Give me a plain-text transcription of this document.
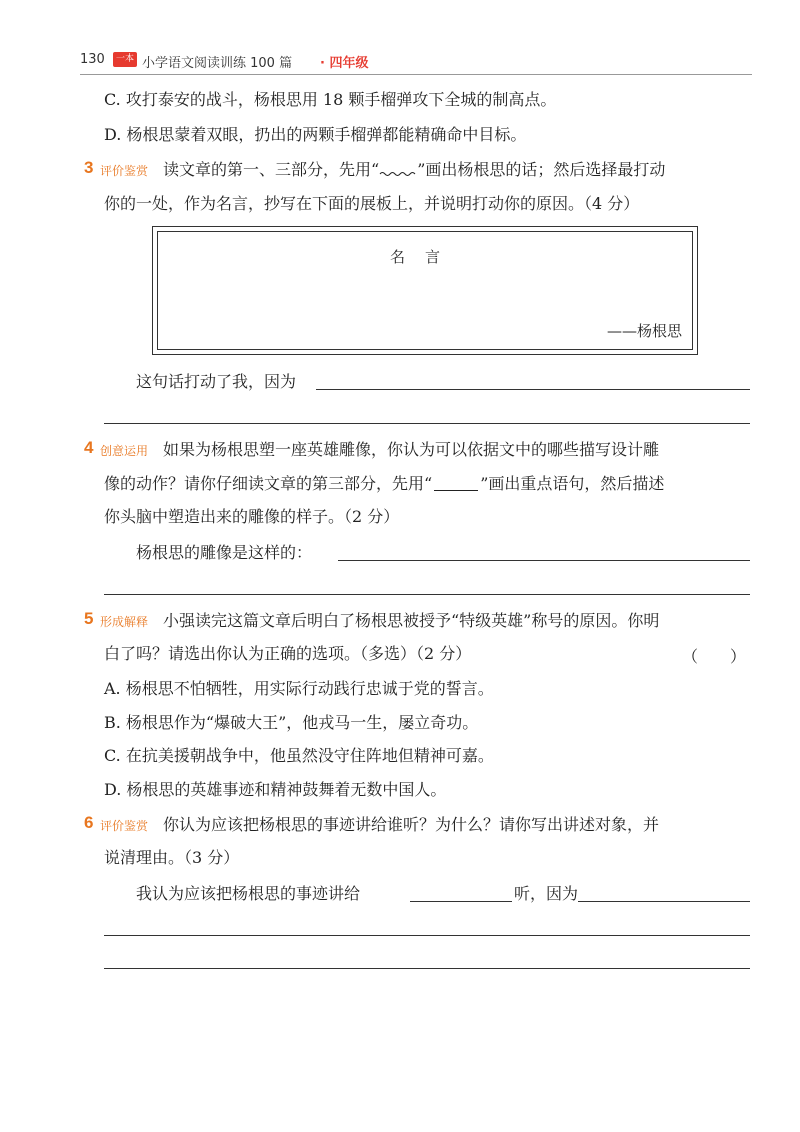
130	一本 小学语文阅读训练 100 篇 · 四年级
C. 攻打泰安的战斗，杨根思用 18 颗手榴弹攻下全城的制高点。
D. 杨根思蒙着双眼，扔出的两颗手榴弹都能精确命中目标。
3 评价鉴赏 读文章的第一、三部分，先用“ ”画出杨根思的话；然后选择最打动
你的一处，作为名言，抄写在下面的展板上，并说明打动你的原因。（4 分）
名言
——杨根思
这句话打动了我，因为
4 创意运用 如果为杨根思塑一座英雄雕像，你认为可以依据文中的哪些描写设计雕
像的动作？请你仔细读文章的第三部分，先用“	”画出重点语句，然后描述
你头脑中塑造出来的雕像的样子。（2 分）
杨根思的雕像是这样的：
5 形成解释 小强读完这篇文章后明白了杨根思被授予“特级英雄”称号的原因。你明
白了吗？请选出你认为正确的选项。（多选）（2 分）	（　　）
A. 杨根思不怕牺牲，用实际行动践行忠诚于党的誓言。
B. 杨根思作为“爆破大王”，他戎马一生，屡立奇功。
C. 在抗美援朝战争中，他虽然没守住阵地但精神可嘉。
D. 杨根思的英雄事迹和精神鼓舞着无数中国人。
6 评价鉴赏 你认为应该把杨根思的事迹讲给谁听？为什么？请你写出讲述对象，并
说清理由。（3 分）
我认为应该把杨根思的事迹讲给	听，因为
